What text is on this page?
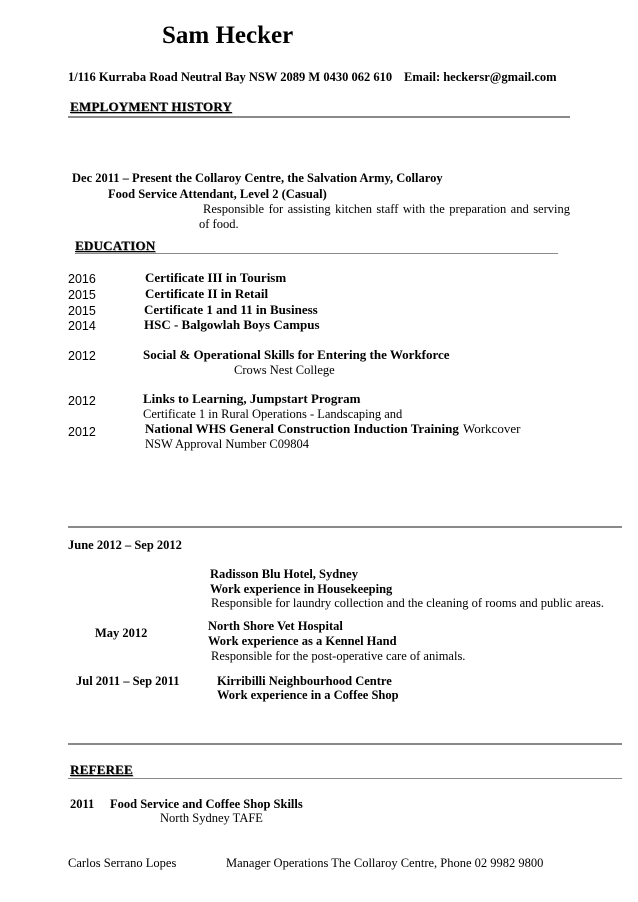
Sam Hecker
1/116 Kurraba Road Neutral Bay NSW 2089 M 0430 062 610 Email: heckersr@gmail.com
EMPLOYMENT HISTORY
Dec 2011 – Present the Collaroy Centre, the Salvation Army, Collaroy
Food Service Attendant, Level 2 (Casual)
Responsible for assisting kitchen staff with the preparation and serving
of food.
EDUCATION
2016	Certificate III in Tourism
2015	Certificate II in Retail
2015	Certificate 1 and 11 in Business
2014	HSC - Balgowlah Boys Campus
2012	Social & Operational Skills for Entering the Workforce
Crows Nest College
2012	Links to Learning, Jumpstart Program
Certificate 1 in Rural Operations - Landscaping and
2012	National WHS General Construction Induction Training Workcover
NSW Approval Number C09804
June 2012 – Sep 2012
Radisson Blu Hotel, Sydney
Work experience in Housekeeping
Responsible for laundry collection and the cleaning of rooms and public areas.
May 2012	North Shore Vet Hospital
Work experience as a Kennel Hand
Responsible for the post-operative care of animals.
Jul 2011 – Sep 2011	Kirribilli Neighbourhood Centre
Work experience in a Coffee Shop
REFEREE
2011 Food Service and Coffee Shop Skills
North Sydney TAFE
Carlos Serrano Lopes	Manager Operations The Collaroy Centre, Phone 02 9982 9800
